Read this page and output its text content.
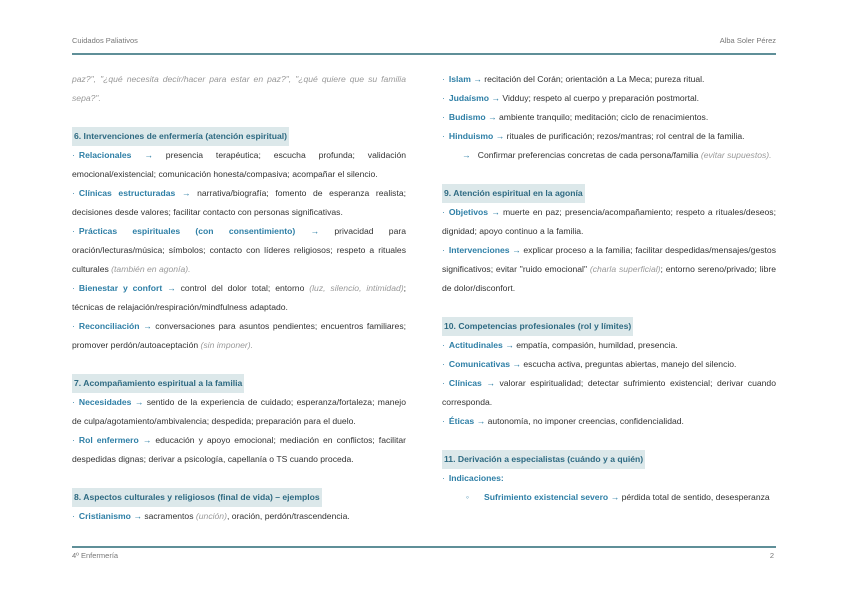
Cuidados Paliativos	Alba Soler Pérez

paz?", "¿qué necesita decir/hacer para estar en paz?", "¿qué quiere que su familia sepa?".

6. Intervenciones de enfermería (atención espiritual)

· Relacionales → presencia terapéutica; escucha profunda; validación emocional/existencial; comunicación honesta/compasiva; acompañar el silencio.

· Clínicas estructuradas → narrativa/biografía; fomento de esperanza realista; decisiones desde valores; facilitar contacto con personas significativas.

· Prácticas espirituales (con consentimiento) → privacidad para oración/lecturas/música; símbolos; contacto con líderes religiosos; respeto a rituales culturales (también en agonía).

· Bienestar y confort → control del dolor total; entorno (luz, silencio, intimidad); técnicas de relajación/respiración/mindfulness adaptado.

· Reconciliación → conversaciones para asuntos pendientes; encuentros familiares; promover perdón/autoaceptación (sin imponer).

7. Acompañamiento espiritual a la familia

· Necesidades → sentido de la experiencia de cuidado; esperanza/fortaleza; manejo de culpa/agotamiento/ambivalencia; despedida; preparación para el duelo.

· Rol enfermero → educación y apoyo emocional; mediación en conflictos; facilitar despedidas dignas; derivar a psicología, capellanía o TS cuando proceda.

8. Aspectos culturales y religiosos (final de vida) – ejemplos

· Cristianismo → sacramentos (unción), oración, perdón/trascendencia.

· Islam → recitación del Corán; orientación a La Meca; pureza ritual.

· Judaísmo → Vidduy; respeto al cuerpo y preparación postmortal.

· Budismo → ambiente tranquilo; meditación; ciclo de renacimientos.

· Hinduismo → rituales de purificación; rezos/mantras; rol central de la familia.

→ Confirmar preferencias concretas de cada persona/familia (evitar supuestos).

9. Atención espiritual en la agonía

· Objetivos → muerte en paz; presencia/acompañamiento; respeto a rituales/deseos; dignidad; apoyo continuo a la familia.

· Intervenciones → explicar proceso a la familia; facilitar despedidas/mensajes/gestos significativos; evitar "ruido emocional" (charla superficial); entorno sereno/privado; libre de dolor/disconfort.

10. Competencias profesionales (rol y límites)

· Actitudinales → empatía, compasión, humildad, presencia.

· Comunicativas → escucha activa, preguntas abiertas, manejo del silencio.

· Clínicas → valorar espiritualidad; detectar sufrimiento existencial; derivar cuando corresponda.

· Éticas → autonomía, no imponer creencias, confidencialidad.

11. Derivación a especialistas (cuándo y a quién)

· Indicaciones:

◦ Sufrimiento existencial severo → pérdida total de sentido, desesperanza

4º Enfermería	2
